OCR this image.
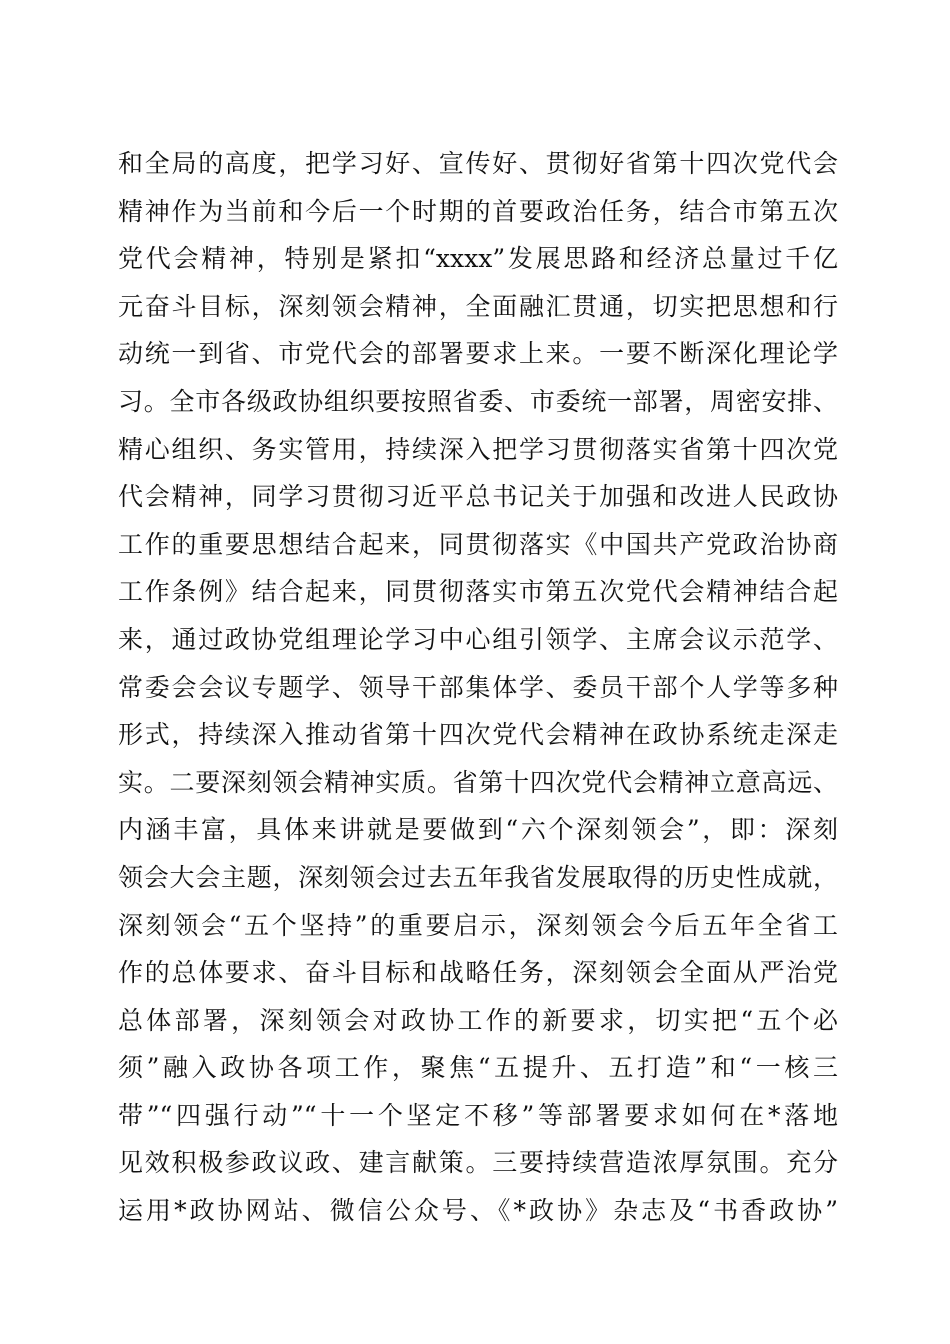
和全局的高度，把学习好、宣传好、贯彻好省第十四次党代会
精神作为当前和今后一个时期的首要政治任务，结合市第五次
党代会精神，特别是紧扣“xxxx”发展思路和经济总量过千亿
元奋斗目标，深刻领会精神，全面融汇贯通，切实把思想和行
动统一到省、市党代会的部署要求上来。一要不断深化理论学
习。全市各级政协组织要按照省委、市委统一部署，周密安排、
精心组织、务实管用，持续深入把学习贯彻落实省第十四次党
代会精神，同学习贯彻习近平总书记关于加强和改进人民政协
工作的重要思想结合起来，同贯彻落实《中国共产党政治协商
工作条例》结合起来，同贯彻落实市第五次党代会精神结合起
来，通过政协党组理论学习中心组引领学、主席会议示范学、
常委会会议专题学、领导干部集体学、委员干部个人学等多种
形式，持续深入推动省第十四次党代会精神在政协系统走深走
实。二要深刻领会精神实质。省第十四次党代会精神立意高远、
内涵丰富，具体来讲就是要做到“六个深刻领会”，即：深刻
领会大会主题，深刻领会过去五年我省发展取得的历史性成就，
深刻领会“五个坚持”的重要启示，深刻领会今后五年全省工
作的总体要求、奋斗目标和战略任务，深刻领会全面从严治党
总体部署，深刻领会对政协工作的新要求，切实把“五个必
须”融入政协各项工作，聚焦“五提升、五打造”和“一核三
带”“四强行动”“十一个坚定不移”等部署要求如何在*落地
见效积极参政议政、建言献策。三要持续营造浓厚氛围。充分
运用*政协网站、微信公众号、《*政协》杂志及“书香政协”
